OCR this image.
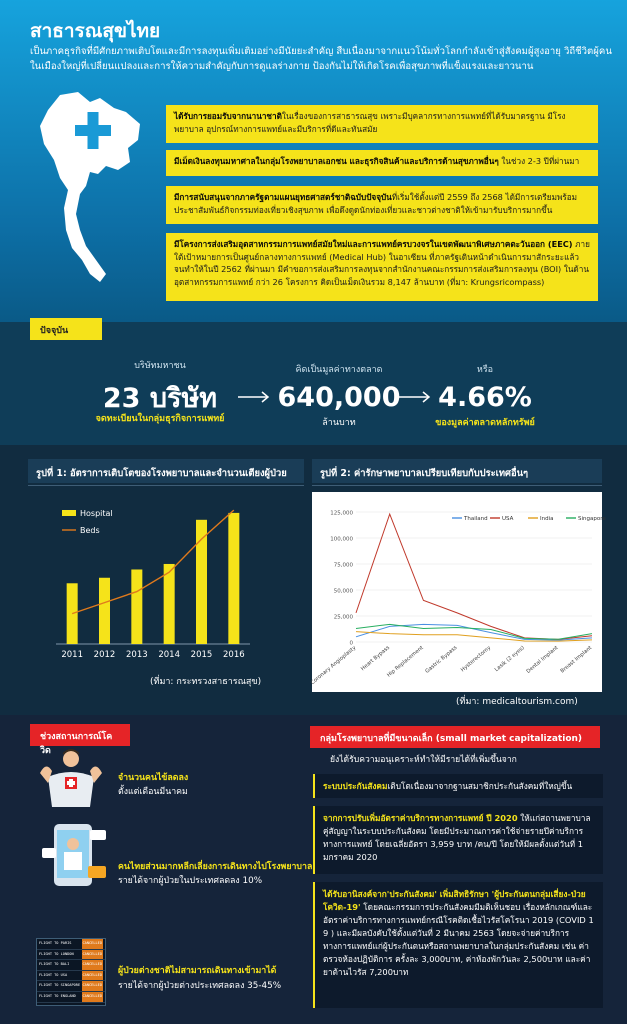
สาธารณสุขไทย
เป็นภาคธุรกิจที่มีศักยภาพเติบโตและมีการลงทุนเพิ่มเติมอย่างมีนัยยะสำคัญ สืบเนื่องมาจากแนวโน้มทั่วโลกกำลังเข้าสู่สังคมผู้สูงอายุ วิถีชีวิตผู้คนในเมืองใหญ่ที่เปลี่ยนแปลงและการให้ความสำคัญกับการดูแลร่างกาย ป้องกันไม่ให้เกิดโรคเพื่อสุขภาพที่แข็งแรงและยาวนาน
ได้รับการยอมรับจากนานาชาติในเรื่องของการสาธารณสุข เพราะมีบุคลากรทางการแพทย์ที่ได้รับมาตรฐาน มีโรงพยาบาล อุปกรณ์ทางการแพทย์และมีบริการที่ดีและทันสมัย
มีเม็ดเงินลงทุนมหาศาลในกลุ่มโรงพยาบาลเอกชน และธุรกิจสินค้าและบริการด้านสุขภาพอื่นๆ ในช่วง 2-3 ปีที่ผ่านมา
มีการสนับสนุนจากภาครัฐตามแผนยุทธศาสตร์ชาติฉบับปัจจุบันที่เริ่มใช้ตั้งแต่ปี 2559 ถึง 2568 ได้มีการเตรียมพร้อมประชาสัมพันธ์กิจกรรมท่องเที่ยวเชิงสุขภาพ เพื่อดึงดูดนักท่องเที่ยวและชาวต่างชาติให้เข้ามารับบริการมากขึ้น
มีโครงการส่งเสริมอุตสาหกรรมการแพทย์สมัยใหม่และการแพทย์ครบวงจรในเขตพัฒนาพิเศษภาคตะวันออก (EEC) ภายใต้เป้าหมายการเป็นศูนย์กลางทางการแพทย์ (Medical Hub) ในอาเซียน ที่ภาครัฐเดินหน้าดำเนินการมาสักระยะแล้ว จนทำให้ในปี 2562 ที่ผ่านมา มีคำขอการส่งเสริมการลงทุนจากสำนักงานคณะกรรมการส่งเสริมการลงทุน (BOI) ในด้านอุตสาหกรรมการแพทย์ กว่า 26 โครงการ คิดเป็นเม็ดเงินรวม 8,147 ล้านบาท (ที่มา: Krungsricompass)
ปัจจุบัน
บริษัทมหาชน
23 บริษัท
จดทะเบียนในกลุ่มธุรกิจการแพทย์
คิดเป็นมูลค่าทางตลาด
640,000
ล้านบาท
หรือ
4.66%
ของมูลค่าตลาดหลักทรัพย์
รูปที่ 1: อัตราการเติบโตของโรงพยาบาลและจำนวนเตียงผู้ป่วย	รูปที่ 2: ค่ารักษาพยาบาลเปรียบเทียบกับประเทศอื่นๆ
2011 2012 2013 2014 2015 2016
Hospital
Beds
0
25,000
50,000
75,000
100,000
125,000
Coronary Angioplasty Heart Bypass
Hip Replacement Gastric Bypass Hysterectomy Lasik (2 eyes) Dental Implant Breast Implant
Thailand	USA	India	Singapore
(ที่มา: กระทรวงสาธารณสุข)
(ที่มา: medicaltourism.com)
ช่วงสถานการณ์โควิด
จำนวนคนไข้ลดลง
ตั้งแต่เดือนมีนาคม
คนไทยส่วนมากหลีกเลี่ยงการเดินทางไปโรงพยาบาล
รายได้จากผู้ป่วยในประเทศลดลง 10%
FLIGHT TO PARIS	CANCELLED
FLIGHT TO LONDON CANCELLED
FLIGHT TO BALI	CANCELLED
FLIGHT TO USA	CANCELLED
FLIGHT TO SINGAPORE CANCELLED
FLIGHT TO ENGLAND CANCELLED
ผู้ป่วยต่างชาติไม่สามารถเดินทางเข้ามาได้
รายได้จากผู้ป่วยต่างประเทศลดลง 35-45%
กลุ่มโรงพยาบาลที่มีขนาดเล็ก (small market capitalization)
ยังได้รับความอนุเคราะห์ทำให้มีรายได้ที่เพิ่มขึ้นจาก
ระบบประกันสังคมเติบโตเนื่องมาจากฐานสมาชิกประกันสังคมที่ใหญ่ขึ้น
จากการปรับเพิ่มอัตราค่าบริการทางการแพทย์ ปี 2020 ให้แก่สถานพยาบาลคู่สัญญาในระบบประกันสังคม โดยมีประมาณการค่าใช้จ่ายรายปีค่าบริการทางการแพทย์ โดยเฉลี่ยอัตรา 3,959 บาท /คน/ปี โดยให้มีผลตั้งแต่วันที่ 1 มกราคม 2020
ได้รับอานิสงค์จาก'ประกันสังคม' เพิ่มสิทธิรักษา 'ผู้ประกันตนกลุ่มเสี่ยง-ป่วยโควิด-19' โดยคณะกรรมการประกันสังคมมีมติเห็นชอบ เรื่องหลักเกณฑ์และอัตราค่าบริการทางการแพทย์กรณีโรคติดเชื้อไวรัสโคโรนา 2019 (COVID 1 9 ) และมีผลบังคับใช้ตั้งแต่วันที่ 2 มีนาคม 2563 โดยจะจ่ายค่าบริการทางการแพทย์แก่ผู้ประกันตนหรือสถานพยาบาลในกลุ่มประกันสังคม เช่น ค่าตรวจห้องปฏิบัติการ ครั้งละ 3,000บาท, ค่าห้องพักวันละ 2,500บาท และค่ายาต้านไวรัส 7,200บาท
